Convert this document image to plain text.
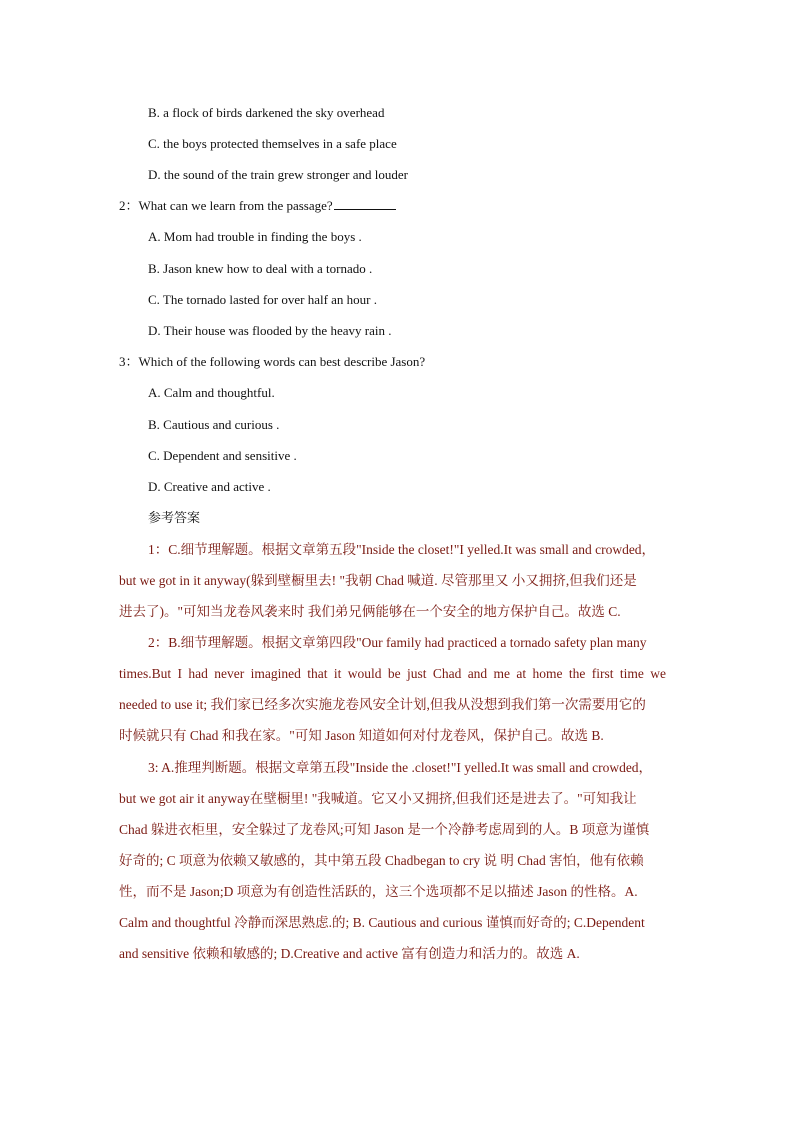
B. a flock of birds darkened the sky overhead
C. the boys protected themselves in a safe place
D. the sound of the train grew stronger and louder
2：What can we learn from the passage?
A. Mom had trouble in finding the boys .
B. Jason knew how to deal with a tornado .
C. The tornado lasted for over half an hour .
D. Their house was flooded by the heavy rain .
3：Which of the following words can best describe Jason?
A. Calm and thoughtful.
B. Cautious and curious .
C. Dependent and sensitive .
D. Creative and active .
参考答案
1：C.细节理解题。根据文章第五段"Inside the closet!"I yelled.It was small and crowded，
but we got in it anyway(躲到壁橱里去! "我朝 Chad 喊道. 尽管那里又 小又拥挤,但我们还是
进去了)。"可知当龙卷风袭来时 我们弟兄俩能够在一个安全的地方保护自己。故选 C.
2：B.细节理解题。根据文章第四段"Our family had practiced a tornado safety plan many
times.But I had never imagined that it would be just Chad and me at home the first time we
needed to use it; 我们家已经多次实施龙卷风安全计划,但我从没想到我们第一次需要用它的
时候就只有 Chad 和我在家。"可知 Jason 知道如何对付龙卷风，保护自己。故选 B.
3: A.推理判断题。根据文章第五段"Inside the .closet!"I yelled.It was small and crowded，
but we got air it anyway在壁橱里! "我喊道。它又小又拥挤,但我们还是进去了。"可知我让
Chad 躲进衣柜里，安全躲过了龙卷风;可知 Jason 是一个冷静考虑周到的人。B 项意为谨慎
好奇的; C 项意为依赖又敏感的，其中第五段 Chadbegan to cry 说 明 Chad 害怕，他有依赖
性，而不是 Jason;D 项意为有创造性活跃的，这三个选项都不足以描述 Jason 的性格。A.
Calm and thoughtful 冷静而深思熟虑.的; B. Cautious and curious 谨慎而好奇的; C.Dependent
and sensitive 依赖和敏感的; D.Creative and active 富有创造力和活力的。故选 A.
